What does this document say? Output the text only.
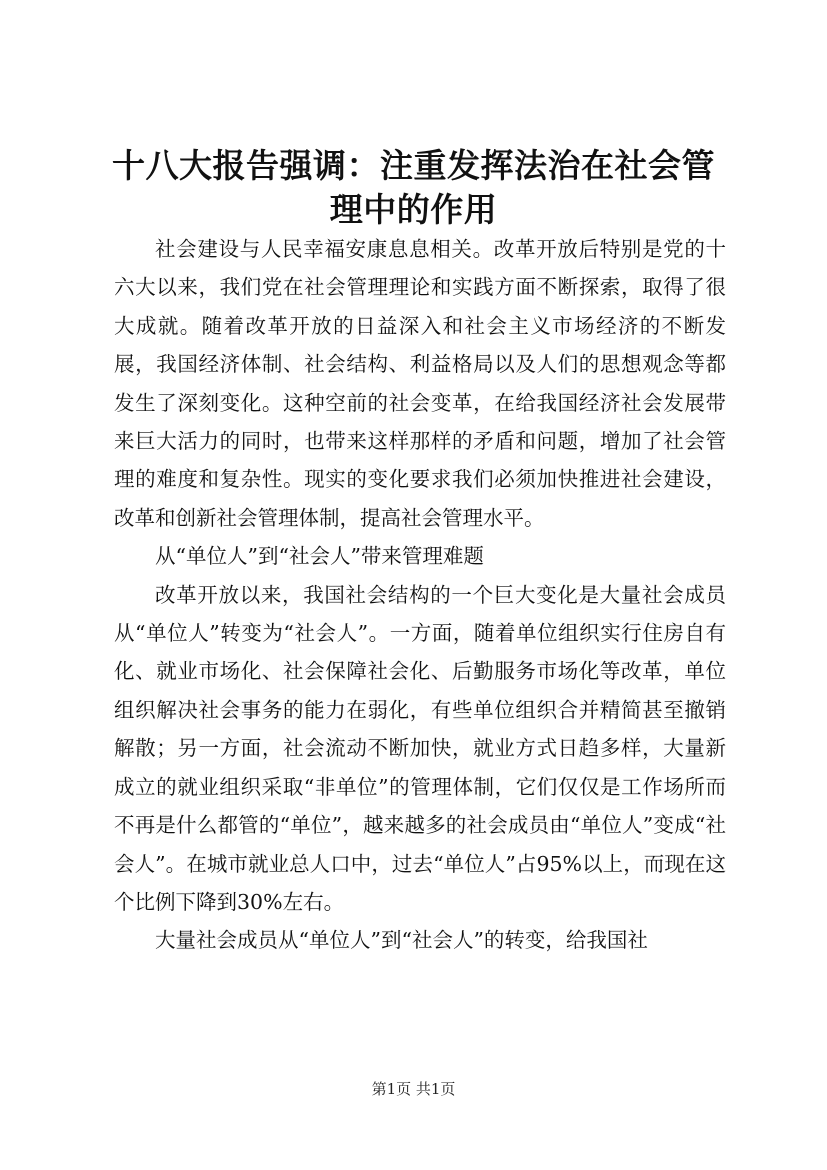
十八大报告强调：注重发挥法治在社会管理中的作用

社会建设与人民幸福安康息息相关。改革开放后特别是党的十六大以来，我们党在社会管理理论和实践方面不断探索，取得了很大成就。随着改革开放的日益深入和社会主义市场经济的不断发展，我国经济体制、社会结构、利益格局以及人们的思想观念等都发生了深刻变化。这种空前的社会变革，在给我国经济社会发展带来巨大活力的同时，也带来这样那样的矛盾和问题，增加了社会管理的难度和复杂性。现实的变化要求我们必须加快推进社会建设，改革和创新社会管理体制，提高社会管理水平。

从“单位人”到“社会人”带来管理难题

改革开放以来，我国社会结构的一个巨大变化是大量社会成员从“单位人”转变为“社会人”。一方面，随着单位组织实行住房自有化、就业市场化、社会保障社会化、后勤服务市场化等改革，单位组织解决社会事务的能力在弱化，有些单位组织合并精简甚至撤销解散；另一方面，社会流动不断加快，就业方式日趋多样，大量新成立的就业组织采取“非单位”的管理体制，它们仅仅是工作场所而不再是什么都管的“单位”，越来越多的社会成员由“单位人”变成“社会人”。在城市就业总人口中，过去“单位人”占95%以上，而现在这个比例下降到30%左右。

大量社会成员从“单位人”到“社会人”的转变，给我国社

第1页 共1页
